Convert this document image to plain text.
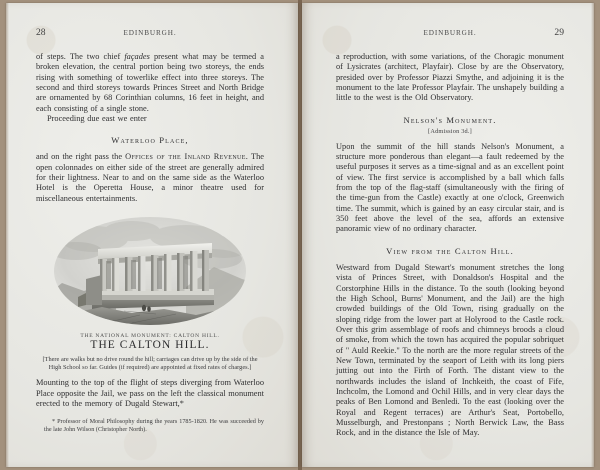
28	EDINBURGH.

of steps. The two chief façades present what may be termed a broken elevation, the central portion being two storeys, the ends rising with something of towerlike effect into three storeys. The second and third storeys towards Princes Street and North Bridge are ornamented by 68 Corinthian columns, 16 feet in height, and each consisting of a single stone.

Proceeding due east we enter

Waterloo Place,

and on the right pass the Offices of the Inland Revenue. The open colonnades on either side of the street are generally admired for their lightness. Near to and on the same side as the Waterloo Hotel is the Operetta House, a minor theatre used for miscellaneous entertainments.

THE NATIONAL MONUMENT: CALTON HILL.
THE CALTON HILL.

[There are walks but no drive round the hill; carriages can drive up by the side of the High School so far. Guides (if required) are appointed at fixed rates of charges.]

Mounting to the top of the flight of steps diverging from Waterloo Place opposite the Jail, we pass on the left the classical monument erected to the memory of Dugald Stewart,*

* Professor of Moral Philosophy during the years 1785-1820. He was succeeded by the late John Wilson (Christopher North).

EDINBURGH.	29

a reproduction, with some variations, of the Choragic monument of Lysicrates (architect, Playfair). Close by are the Observatory, presided over by Professor Piazzi Smythe, and adjoining it is the monument to the late Professor Playfair. The unshapely building a little to the west is the Old Observatory.

Nelson's Monument.

[Admission 3d.]

Upon the summit of the hill stands Nelson's Monument, a structure more ponderous than elegant—a fault redeemed by the useful purposes it serves as a time-signal and as an excellent point of view. The first service is accomplished by a ball which falls from the top of the flag-staff (simultaneously with the firing of the time-gun from the Castle) exactly at one o'clock, Greenwich time. The summit, which is gained by an easy circular stair, and is 350 feet above the level of the sea, affords an extensive panoramic view of no ordinary character.

View from the Calton Hill.

Westward from Dugald Stewart's monument stretches the long vista of Princes Street, with Donaldson's Hospital and the Corstorphine Hills in the distance. To the south (looking beyond the High School, Burns' Monument, and the Jail) are the high crowded buildings of the Old Town, rising gradually on the sloping ridge from the lower part at Holyrood to the Castle rock. Over this grim assemblage of roofs and chimneys broods a cloud of smoke, from which the town has acquired the popular sobriquet of " Auld Reekie." To the north are the more regular streets of the New Town, terminated by the seaport of Leith with its long piers jutting out into the Firth of Forth. The distant view to the northwards includes the island of Inchkeith, the coast of Fife, Inchcolm, the Lomond and Ochil Hills, and in very clear days the peaks of Ben Lomond and Benledi. To the east (looking over the Royal and Regent terraces) are Arthur's Seat, Portobello, Musselburgh, and Prestonpans ; North Berwick Law, the Bass Rock, and in the distance the Isle of May.
